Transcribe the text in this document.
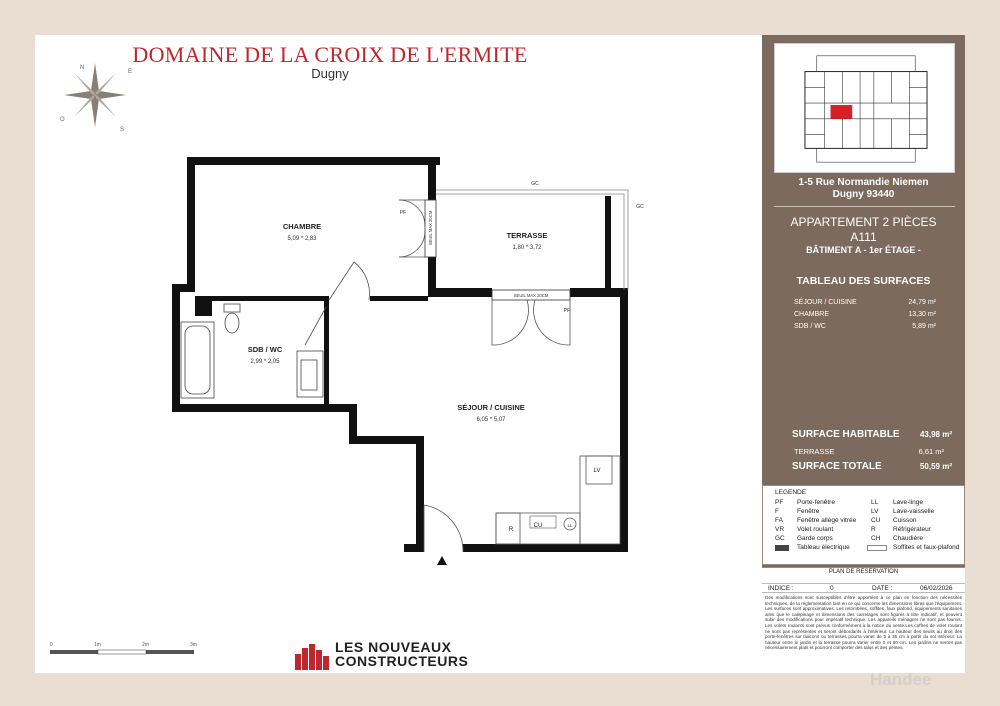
DOMAINE DE LA CROIX DE L'ERMITE
Dugny
N
E
S
O
CHAMBRE
5,09 * 2,83	TERRASSE
1,80 * 3,72
SDB / WC
2,99 * 2,05
SÉJOUR / CUISINE
6,05 * 5,07
GC
GC
PF
PF
SEUIL MAX 20CM
SEUIL MAX 20CM
LV
R
CU	LL
0	1m	2m	3m	LES NOUVEAUX
CONSTRUCTEURS
1-5 Rue Normandie Niemen
Dugny 93440
APPARTEMENT 2 PIÈCES
A111
BÂTIMENT A - 1er ÉTAGE -
TABLEAU DES SURFACES
SÉJOUR / CUISINE	24,79 m²
CHAMBRE	13,30 m²
SDB / WC	5,89 m²
SURFACE HABITABLE	43,98 m²
TERRASSE	6,61 m²
SURFACE TOTALE	50,59 m²
LEGENDE
PF Porte-fenêtre
F	Fenêtre
FA Fenêtre allège vitrée
VR Volet roulant
GC Garde corps
LL Lave-linge
LV Lave-vaisselle
CU Cuisson
R	Réfrigérateur
CH Chaudière
Tableau électrique	Soffites et faux-plafond
PLAN DE RESERVATION
INDICE :	0	DATE :	06/02/2026
Des modifications sont susceptibles d'être apportées à ce plan en fonction des nécessités techniques, de la réglementation tant en ce qui concerne les dimensions libres que l'équipement. Les surfaces sont approximatives. Les retombées, soffites, faux plafond, équipements sanitaires ainsi que le calepinage et dimensions des carrelages sont figurés à titre indicatif, et peuvent subir des modifications pour impératif technique. Les appareils ménagers ne sont pas fournis. Les volets roulants sont prévus conformément à la notice du vente.Les coffres de volet roulant ne sont pas représentés et seront débordants à l'intérieur. La hauteur des seuils au droit des porte-fenêtres sur balcons ou terrasses pourra varier de 5 à 35 cm à partir du sol intérieur. La hauteur entre le jardin et la terrasse pourra varier entre 0 et 60 cm. Les jardins ne seront pas nécessairement plats et pourront comporter des talus et des pentes.
Handee
